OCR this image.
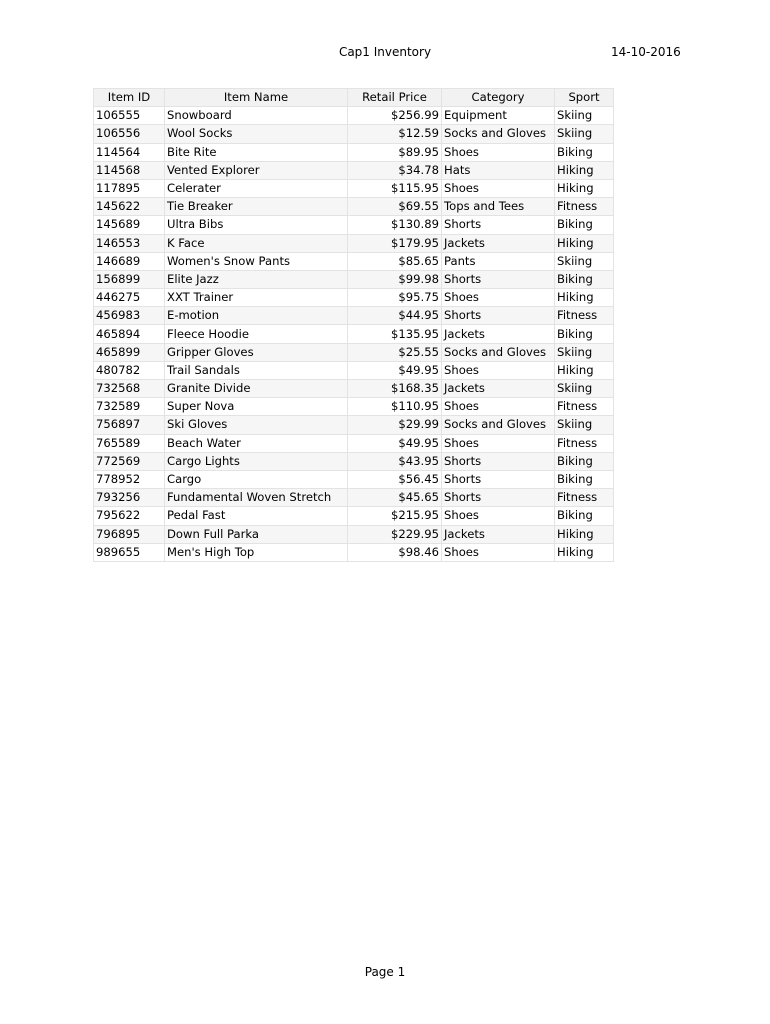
Cap1 Inventory	14-10-2016
Item ID	Item Name	Retail Price	Category	Sport
106555	Snowboard	$256.99	Equipment	Skiing
106556	Wool Socks	$12.59	Socks and Gloves	Skiing
114564	Bite Rite	$89.95	Shoes	Biking
114568	Vented Explorer	$34.78	Hats	Hiking
117895	Celerater	$115.95	Shoes	Hiking
145622	Tie Breaker	$69.55	Tops and Tees	Fitness
145689	Ultra Bibs	$130.89	Shorts	Biking
146553	K Face	$179.95	Jackets	Hiking
146689	Women's Snow Pants	$85.65	Pants	Skiing
156899	Elite Jazz	$99.98	Shorts	Biking
446275	XXT Trainer	$95.75	Shoes	Hiking
456983	E-motion	$44.95	Shorts	Fitness
465894	Fleece Hoodie	$135.95	Jackets	Biking
465899	Gripper Gloves	$25.55	Socks and Gloves	Skiing
480782	Trail Sandals	$49.95	Shoes	Hiking
732568	Granite Divide	$168.35	Jackets	Skiing
732589	Super Nova	$110.95	Shoes	Fitness
756897	Ski Gloves	$29.99	Socks and Gloves	Skiing
765589	Beach Water	$49.95	Shoes	Fitness
772569	Cargo Lights	$43.95	Shorts	Biking
778952	Cargo	$56.45	Shorts	Biking
793256	Fundamental Woven Stretch	$45.65	Shorts	Fitness
795622	Pedal Fast	$215.95	Shoes	Biking
796895	Down Full Parka	$229.95	Jackets	Hiking
989655	Men's High Top	$98.46	Shoes	Hiking
Page 1
